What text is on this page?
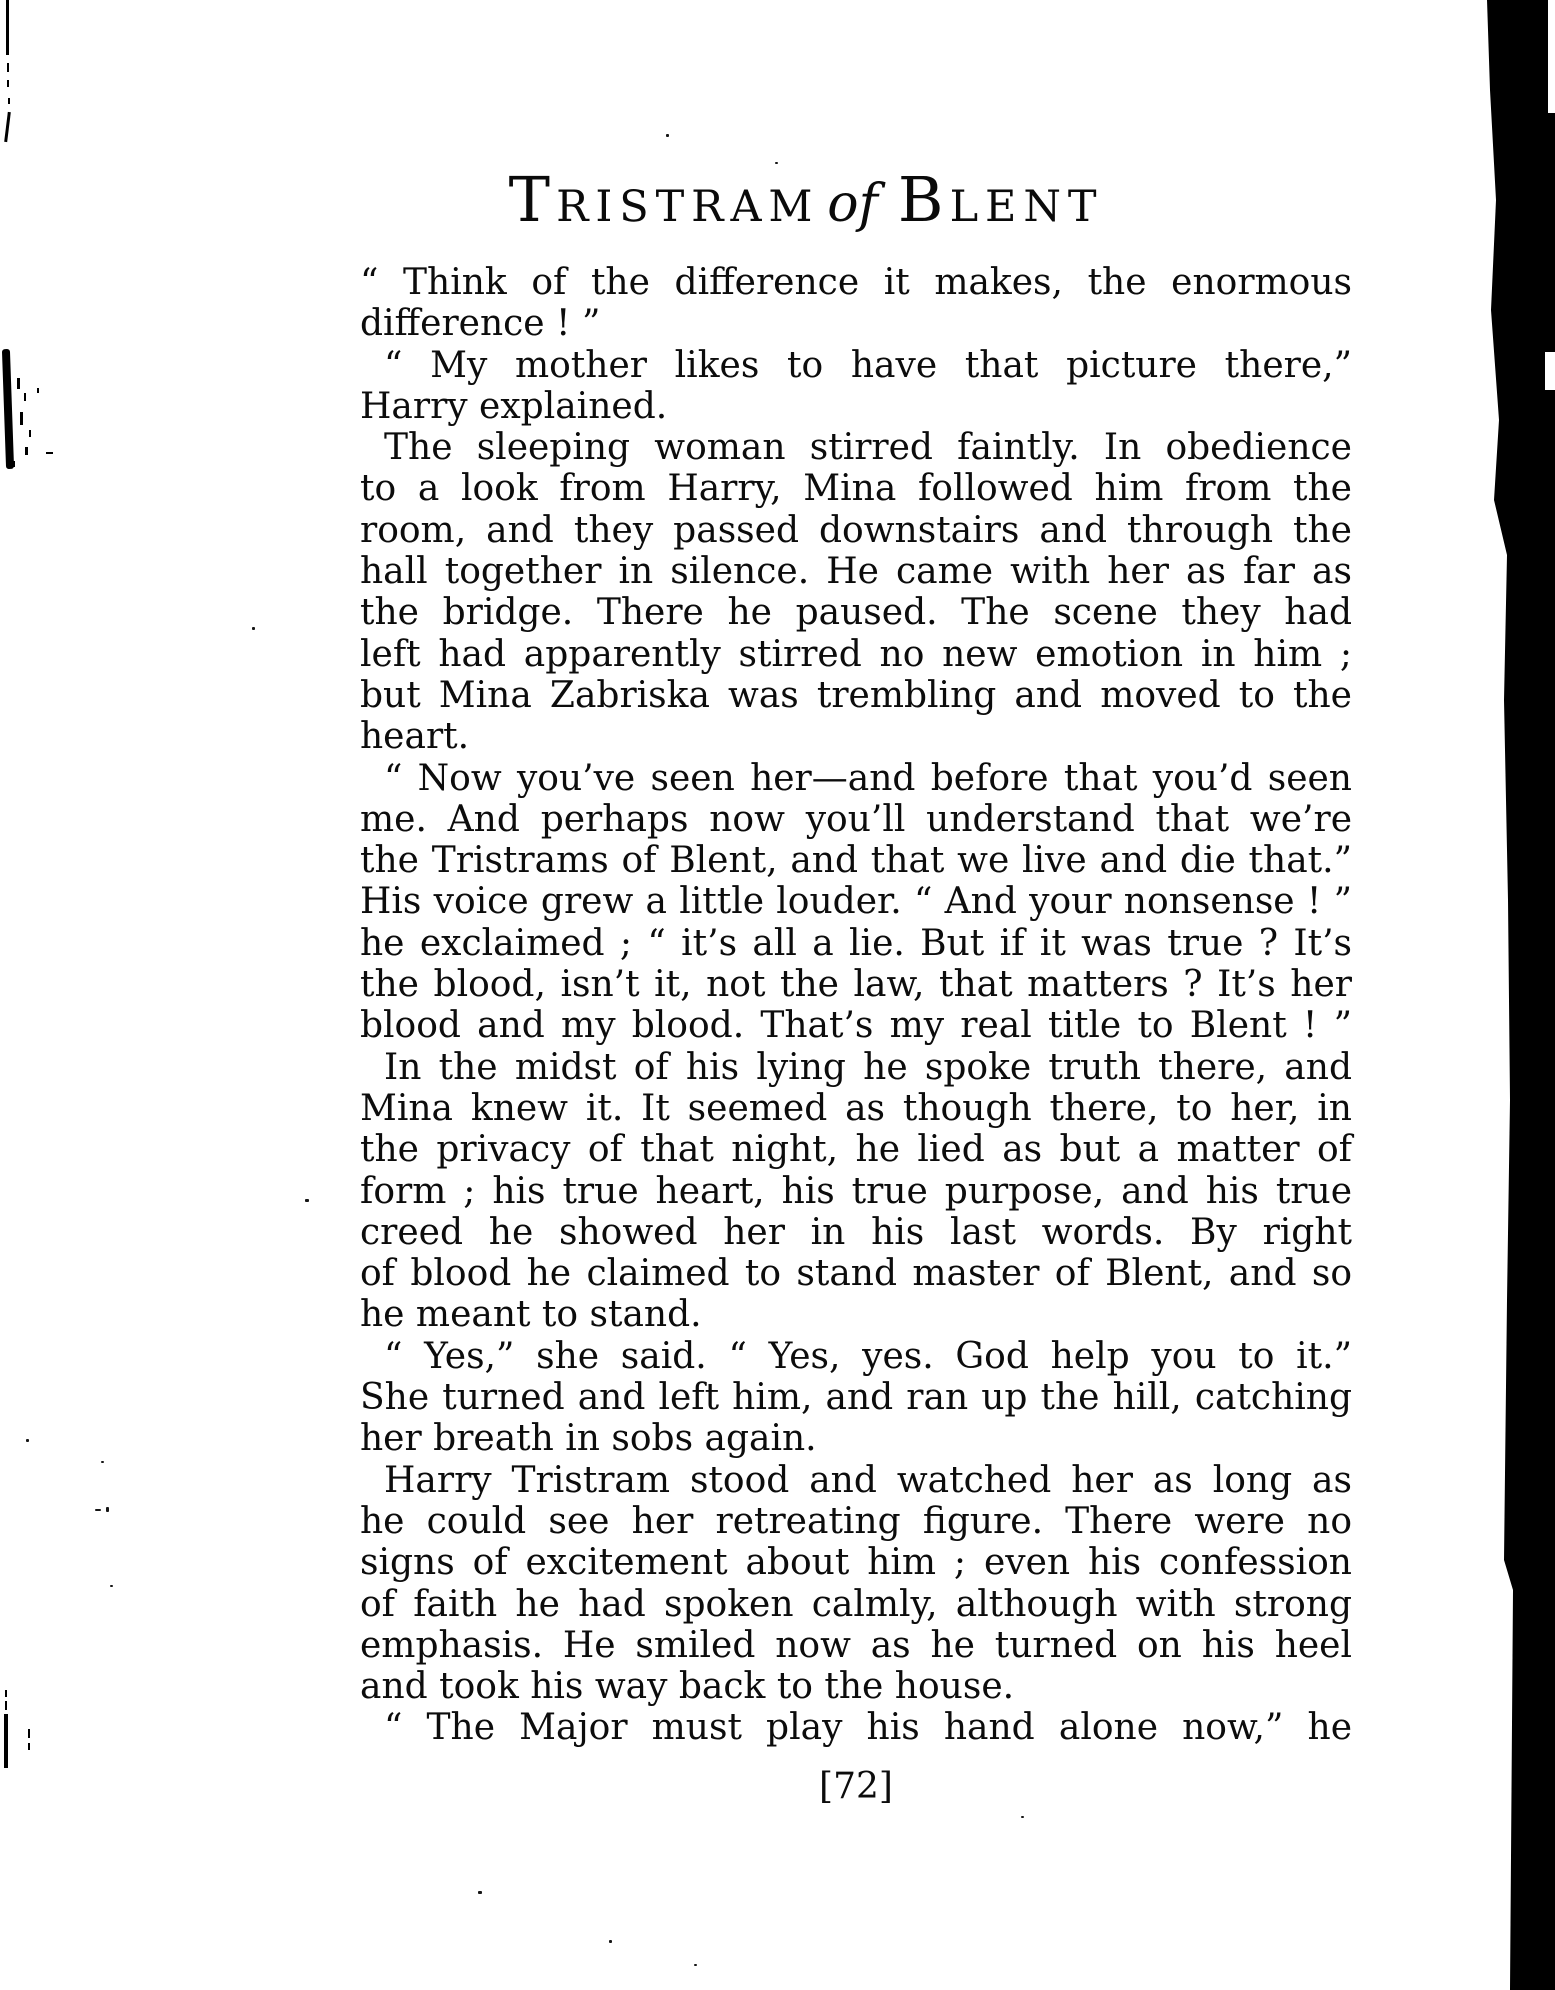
TRISTRAM of BLENT
“ Think of the difference it makes, the enormous
difference ! ”
“ My mother likes to have that picture there,”
Harry explained.
The sleeping woman stirred faintly. In obedience
to a look from Harry, Mina followed him from the
room, and they passed downstairs and through the
hall together in silence. He came with her as far as
the bridge. There he paused. The scene they had
left had apparently stirred no new emotion in him ;
but Mina Zabriska was trembling and moved to the
heart.
“ Now you’ve seen her—and before that you’d seen
me. And perhaps now you’ll understand that we’re
the Tristrams of Blent, and that we live and die that.”
His voice grew a little louder. “ And your nonsense ! ”
he exclaimed ; “ it’s all a lie. But if it was true ? It’s
the blood, isn’t it, not the law, that matters ? It’s her
blood and my blood. That’s my real title to Blent ! ”
In the midst of his lying he spoke truth there, and
Mina knew it. It seemed as though there, to her, in
the privacy of that night, he lied as but a matter of
form ; his true heart, his true purpose, and his true
creed he showed her in his last words. By right
of blood he claimed to stand master of Blent, and so
he meant to stand.
“ Yes,” she said. “ Yes, yes. God help you to it.”
She turned and left him, and ran up the hill, catching
her breath in sobs again.
Harry Tristram stood and watched her as long as
he could see her retreating figure. There were no
signs of excitement about him ; even his confession
of faith he had spoken calmly, although with strong
emphasis. He smiled now as he turned on his heel
and took his way back to the house.
“ The Major must play his hand alone now,” he
[72]
